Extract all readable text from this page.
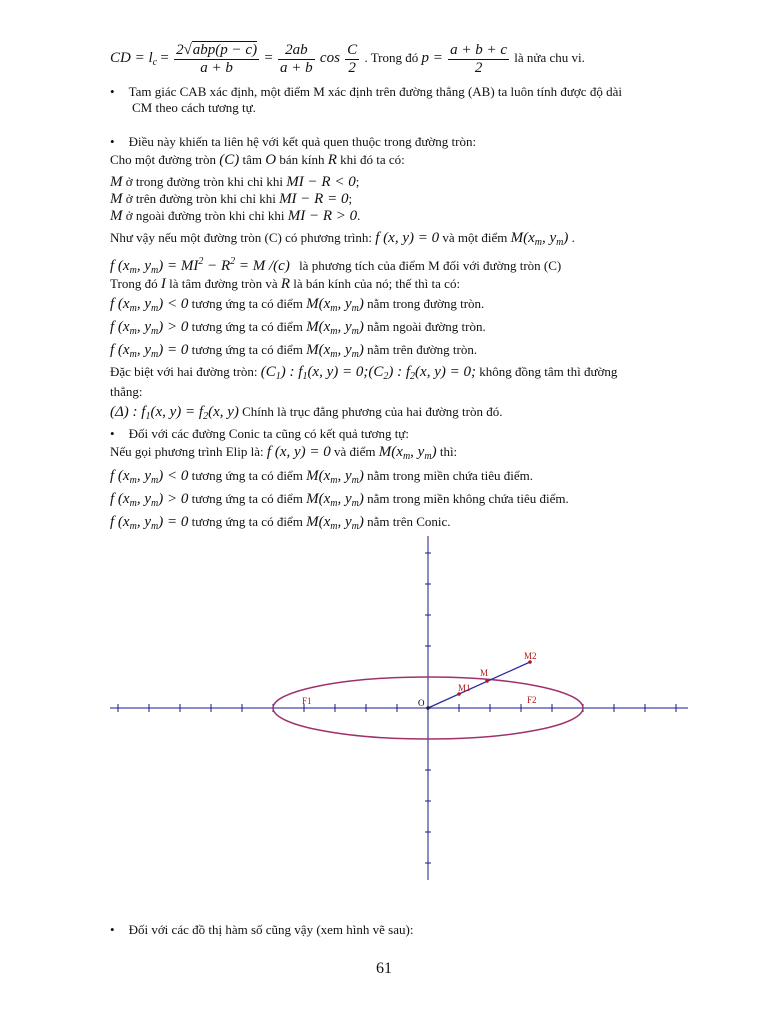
CD = $l_c = \frac{\text{2√abp(p − c)}}{a + b} = \frac{2ab}{a + b}$ $\cos \frac{C}{2}$ . Trong đó $p = \frac{a + b + c}{2}$ là nửa chu vi.
• Tam giác CAB xác định, một điểm M xác định trên đường thẳng (AB) ta luôn tính được độ dài
CM theo cách tương tự.
• Điều này khiến ta liên hệ với kết quả quen thuộc trong đường tròn:
Cho một đường tròn (C) tâm O bán kính R khi đó ta có:
M ở trong đường tròn khi chỉ khi MI − R < 0;
M ở trên đường tròn khi chỉ khi MI − R = 0;
M ở ngoài đường tròn khi chỉ khi MI − R > 0.
Như vậy nếu một đường tròn (C) có phương trình: f (x, y) = 0 và một điểm $M(x_m$, $y_m$) .
f ($x_m$, $y_m) = MI^2 - R^2 = M$ /(c) là phương tích của điểm M đối với đường tròn (C)
Trong đó I là tâm đường tròn và R là bán kính của nó; thế thì ta có:
f ($x_m$, $y_m) < 0$ tương ứng ta có điểm $M(x_m$, $y_m$) nằm trong đường tròn.
f ($x_m$, $y_m) > 0$ tương ứng ta có điểm $M(x_m$, $y_m$) nằm ngoài đường tròn.
f ($x_m$, $y_m) = 0$ tương ứng ta có điểm $M(x_m$, $y_m$) nằm trên đường tròn.
Đặc biệt với hai đường tròn: $(C_1)$ : $f_1(x$, $y) = 0;(C_2)$ : $f_2(x$, y) = 0; không đồng tâm thì đường
thẳng:
(Δ) : $f_1(x$, $y) = f_2(x$, y) Chính là trục đẳng phương của hai đường tròn đó.
• Đối với các đường Conic ta cũng có kết quả tương tự:
Nếu gọi phương trình Elip là: f (x, y) = 0 và điểm $M(x_m$, $y_m$) thì:
f ($x_m$, $y_m) < 0$ tương ứng ta có điểm $M(x_m$, $y_m$) nằm trong miền chứa tiêu điểm.
f ($x_m$, $y_m) > 0$ tương ứng ta có điểm $M(x_m$, $y_m$) nằm trong miền không chứa tiêu điểm.
f ($x_m$, $y_m) = 0$ tương ứng ta có điểm $M(x_m$, $y_m$) nằm trên Conic.
O
F1	F2
M
M1
M2
• Đối với các đồ thị hàm số cũng vậy (xem hình vẽ sau):
61
